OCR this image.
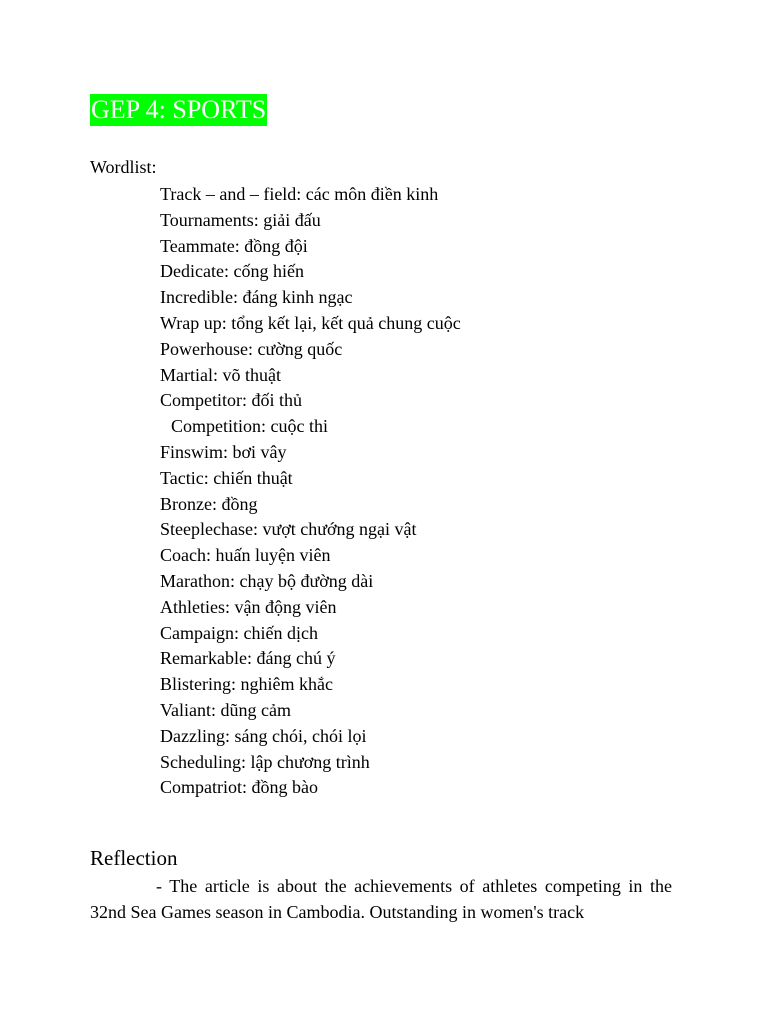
GEP 4: SPORTS
Wordlist:
Track – and – field: các môn điền kinh
Tournaments: giải đấu
Teammate: đồng đội
Dedicate: cống hiến
Incredible: đáng kinh ngạc
Wrap up: tổng kết lại, kết quả chung cuộc
Powerhouse: cường quốc
Martial: võ thuật
Competitor: đối thủ
Competition: cuộc thi
Finswim: bơi vây
Tactic: chiến thuật
Bronze: đồng
Steeplechase: vượt chướng ngại vật
Coach: huấn luyện viên
Marathon: chạy bộ đường dài
Athleties: vận động viên
Campaign: chiến dịch
Remarkable: đáng chú ý
Blistering: nghiêm khắc
Valiant: dũng cảm
Dazzling: sáng chói, chói lọi
Scheduling: lập chương trình
Compatriot: đồng bào
Reflection

- The article is about the achievements of athletes competing in the 32nd Sea Games season in Cambodia. Outstanding in women's track
